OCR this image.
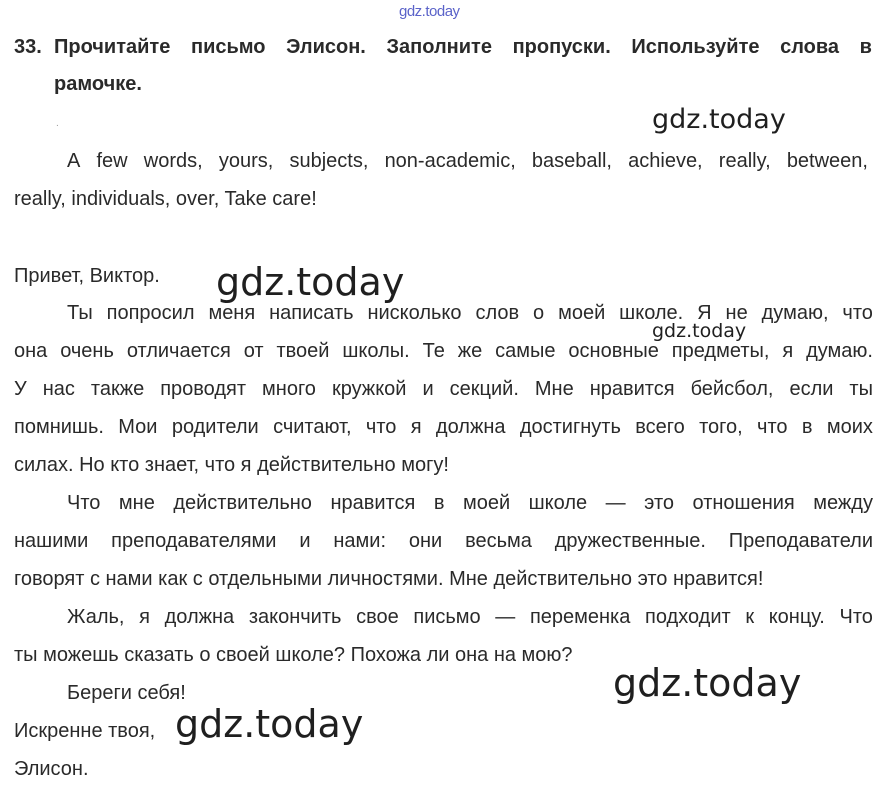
gdz.today
33. Прочитайте письмо Элисон. Заполните пропуски. Используйте слова в
рамочке.
.	gdz.today
A few words, yours, subjects, non-academic, baseball, achieve, really, between,
really, individuals, over, Take care!
Привет, Виктор. gdz.today
Ты попросил меня написать нисколько слов о моей школе. Я не думаю, что
gdz.today
она очень отличается от твоей школы. Те же самые основные предметы, я думаю.
У нас также проводят много кружкой и секций. Мне нравится бейсбол, если ты
помнишь. Мои родители считают, что я должна достигнуть всего того, что в моих
силах. Но кто знает, что я действительно могу!
Что мне действительно нравится в моей школе — это отношения между
нашими преподавателями и нами: они весьма дружественные. Преподаватели
говорят с нами как с отдельными личностями. Мне действительно это нравится!
Жаль, я должна закончить свое письмо — переменка подходит к концу. Что
ты можешь сказать о своей школе? Похожа ли она на мою?
Береги себя!	gdz.today
Искренне твоя, gdz.today
Элисон.
